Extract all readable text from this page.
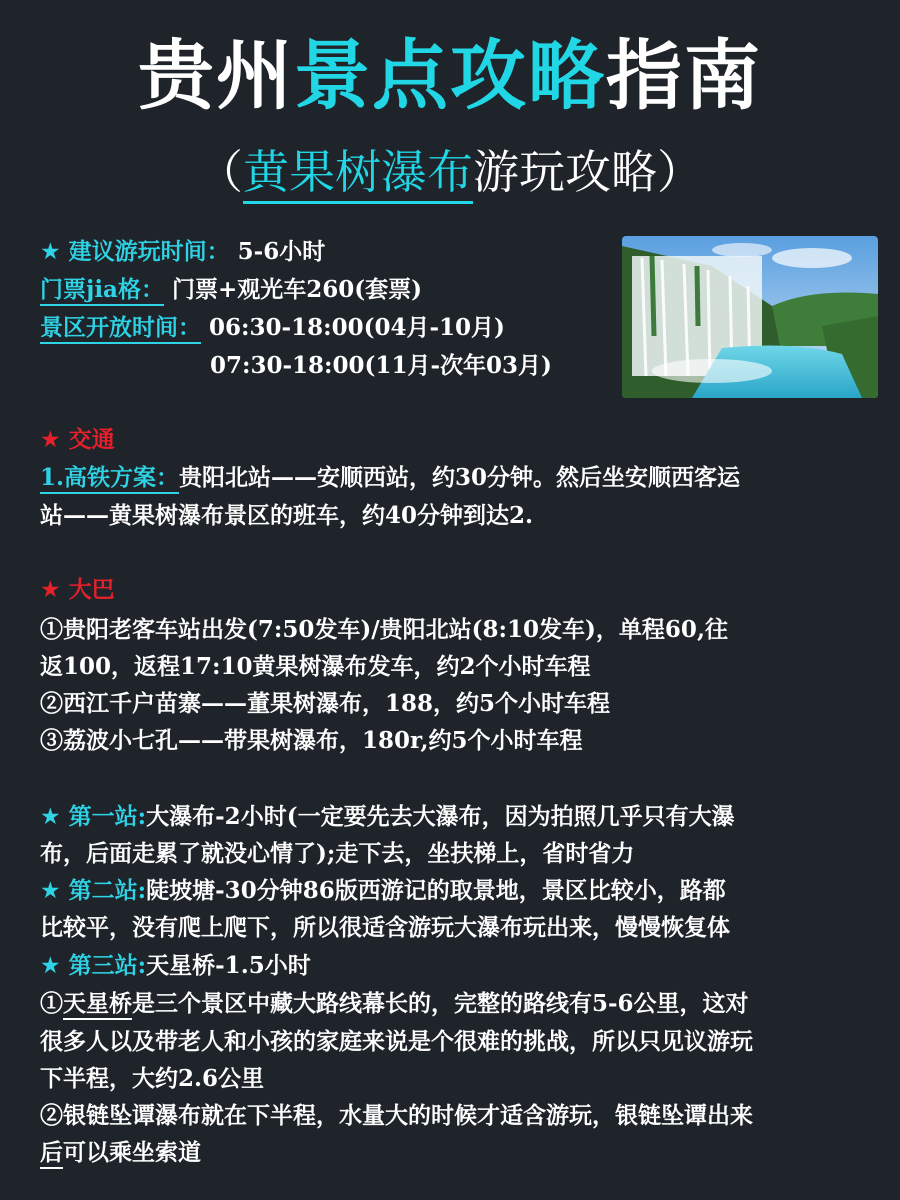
贵州景点攻略指南
（黄果树瀑布游玩攻略）
★ 建议游玩时间： 5-6小时
门票jia格： 门票+观光车260(套票)
景区开放时间： 06:30-18:00(04月-10月)
07:30-18:00(11月-次年03月)
★ 交通
1.高铁方案：贵阳北站——安顺西站，约30分钟。然后坐安顺西客运
站——黄果树瀑布景区的班车，约40分钟到达2.
★ 大巴
①贵阳老客车站出发(7:50发车)/贵阳北站(8:10发车)，单程60,往
返100，返程17:10黄果树瀑布发车，约2个小时车程
②西江千户苗寨——董果树瀑布，188，约5个小时车程
③荔波小七孔——带果树瀑布，180r,约5个小时车程
★ 第一站:大瀑布-2小时(一定要先去大瀑布，因为拍照几乎只有大瀑
布，后面走累了就没心情了);走下去，坐扶梯上，省时省力
★ 第二站:陡坡塘-30分钟86版西游记的取景地，景区比较小，路都
比较平，没有爬上爬下，所以很适含游玩大瀑布玩出来，慢慢恢复体
★ 第三站:天星桥-1.5小时
①天星桥是三个景区中藏大路线幕长的，完整的路线有5-6公里，这对
很多人以及带老人和小孩的家庭来说是个很难的挑战，所以只见议游玩
下半程，大约2.6公里
②银链坠谭瀑布就在下半程，水量大的时候才适含游玩，银链坠谭出来
后可以乘坐索道
